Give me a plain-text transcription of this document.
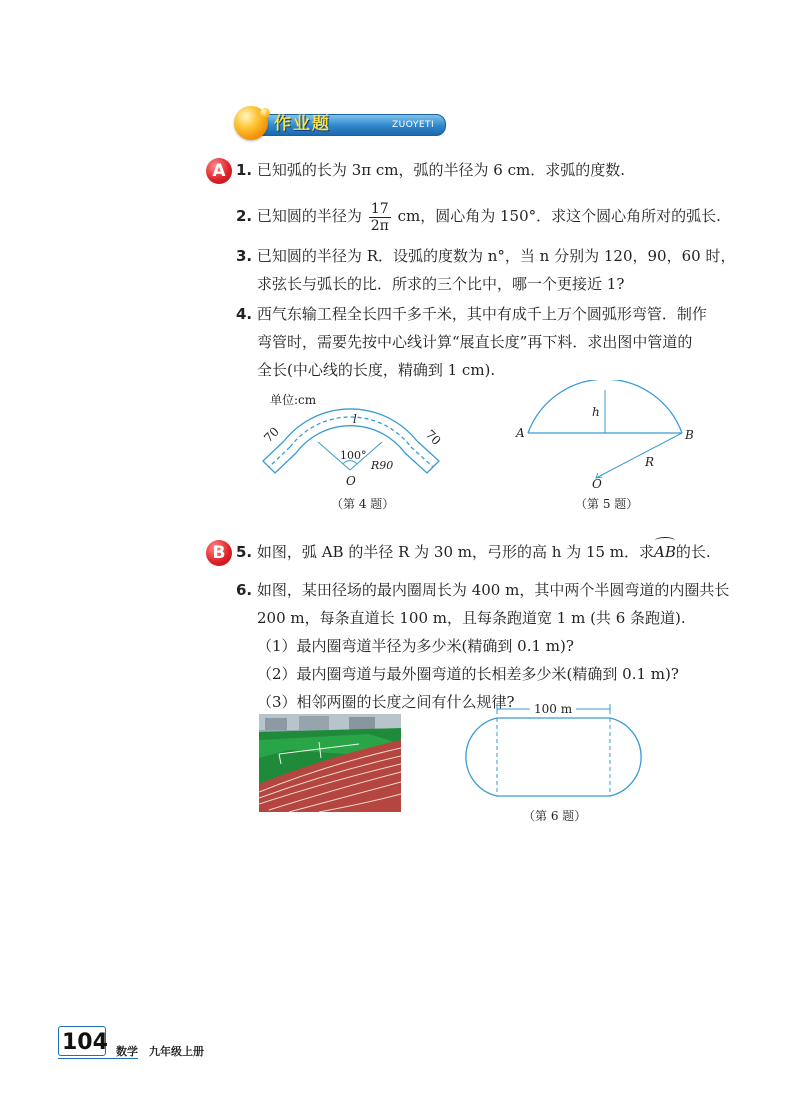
作业题	ZUOYETI
A 1. 已知弧的长为 3π cm，弧的半径为 6 cm．求弧的度数.
2. 已知圆的半径为 $\frac{17}{2\pi}$ cm，圆心角为 150°．求这个圆心角所对的弧长.
3. 已知圆的半径为 R．设弧的度数为 n°，当 n 分别为 120，90，60 时，
求弦长与弧长的比．所求的三个比中，哪一个更接近 1?
4. 西气东输工程全长四千多千米，其中有成千上万个圆弧形弯管．制作
弯管时，需要先按中心线计算“展直长度”再下料．求出图中管道的
全长(中心线的长度，精确到 1 cm).
单位:cm
70	70
l
100°
R90
O
（第 4 题）
A	B
h
R
O
（第 5 题）
B 5. 如图，弧 AB 的半径 R 为 30 m，弓形的高 h 为 15 m．求AB的长.
6. 如图，某田径场的最内圈周长为 400 m，其中两个半圆弯道的内圈共长
200 m，每条直道长 100 m，且每条跑道宽 1 m (共 6 条跑道).
（1）最内圈弯道半径为多少米(精确到 0.1 m)?
（2）最内圈弯道与最外圈弯道的长相差多少米(精确到 0.1 m)?
（3）相邻两圈的长度之间有什么规律?	100 m
（第 6 题）
104 数学　九年级上册
